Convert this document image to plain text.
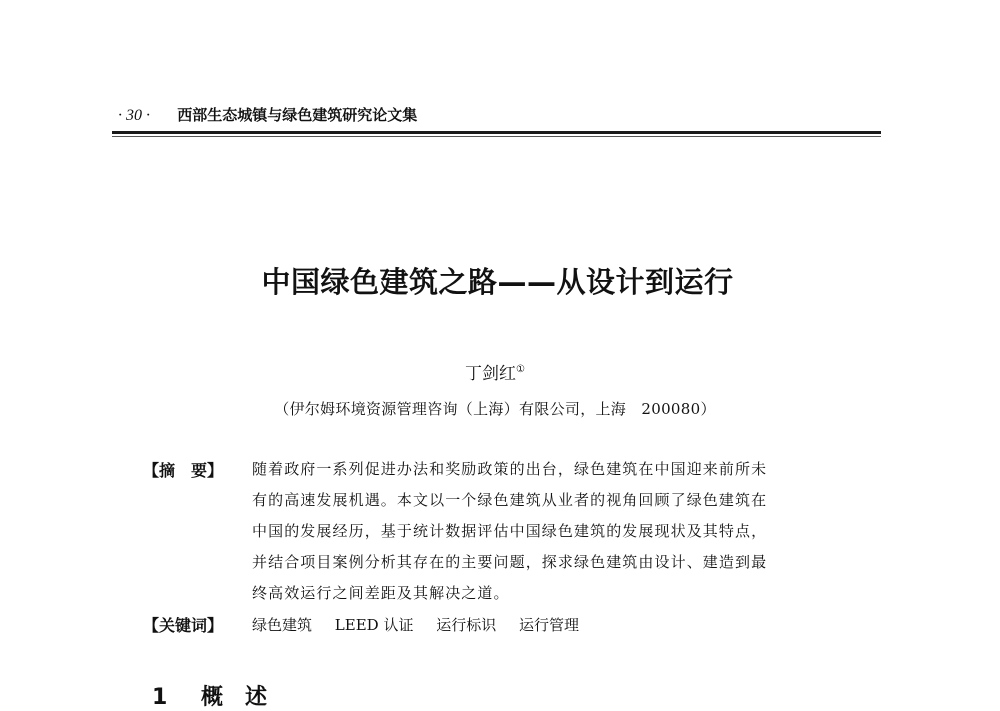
· 30 · 西部生态城镇与绿色建筑研究论文集
中国绿色建筑之路——从设计到运行
丁剑红①
（伊尔姆环境资源管理咨询（上海）有限公司，上海　200080）
【摘　要】 随着政府一系列促进办法和奖励政策的出台，绿色建筑在中国迎来前所未
有的高速发展机遇。本文以一个绿色建筑从业者的视角回顾了绿色建筑在
中国的发展经历，基于统计数据评估中国绿色建筑的发展现状及其特点，
并结合项目案例分析其存在的主要问题，探求绿色建筑由设计、建造到最
终高效运行之间差距及其解决之道。
【关键词】 绿色建筑 LEED 认证 运行标识 运行管理
1 概　述
